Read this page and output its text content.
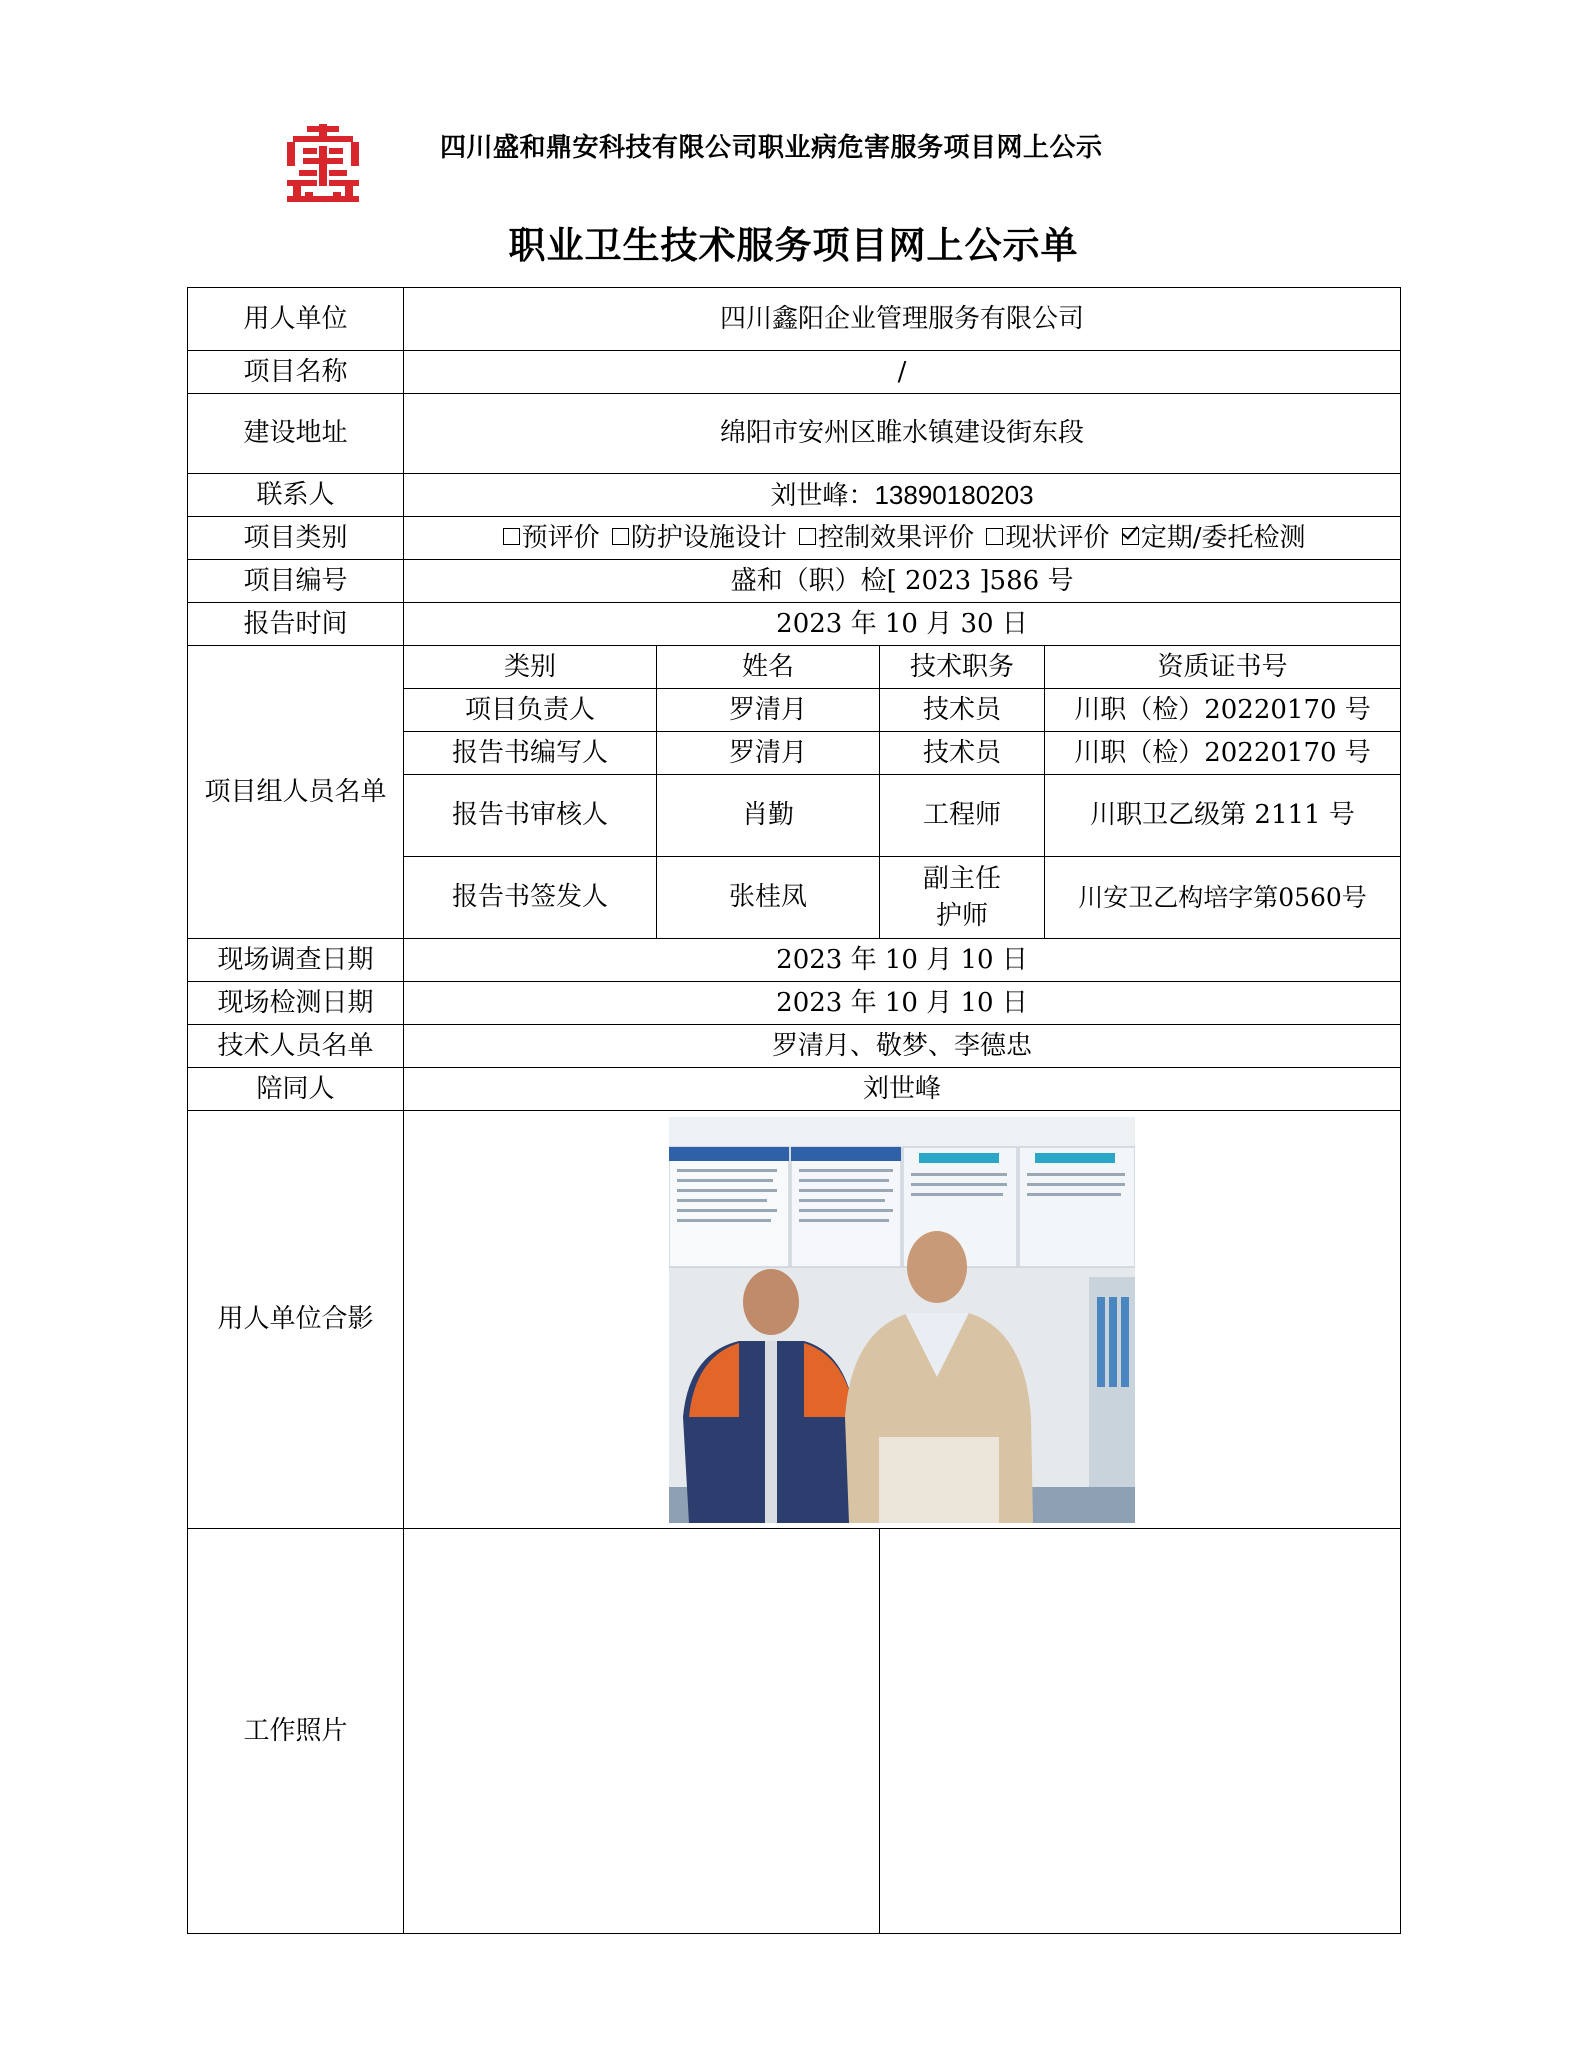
四川盛和鼎安科技有限公司职业病危害服务项目网上公示
职业卫生技术服务项目网上公示单
用人单位	四川鑫阳企业管理服务有限公司			
项目名称	/			
建设地址	绵阳市安州区睢水镇建设街东段			
联系人	刘世峰：13890180203			
项目类别	预评价 防护设施设计 控制效果评价 现状评价 定期/委托检测			
项目编号	盛和（职）检[ 2023 ]586 号			
报告时间	2023 年 10 月 30 日			
项目组人员名单	类别	姓名	技术职务	资质证书号
	项目负责人	罗清月	技术员	川职（检）20220170 号
	报告书编写人	罗清月	技术员	川职（检）20220170 号
	报告书审核人	肖勤	工程师	川职卫乙级第 2111 号
	报告书签发人	张桂凤	副主任护师	川安卫乙构培字第0560号
现场调查日期	2023 年 10 月 10 日			
现场检测日期	2023 年 10 月 10 日			
技术人员名单	罗清月、敬梦、李德忠			
陪同人	刘世峰			
用人单位合影	

工作照片				
